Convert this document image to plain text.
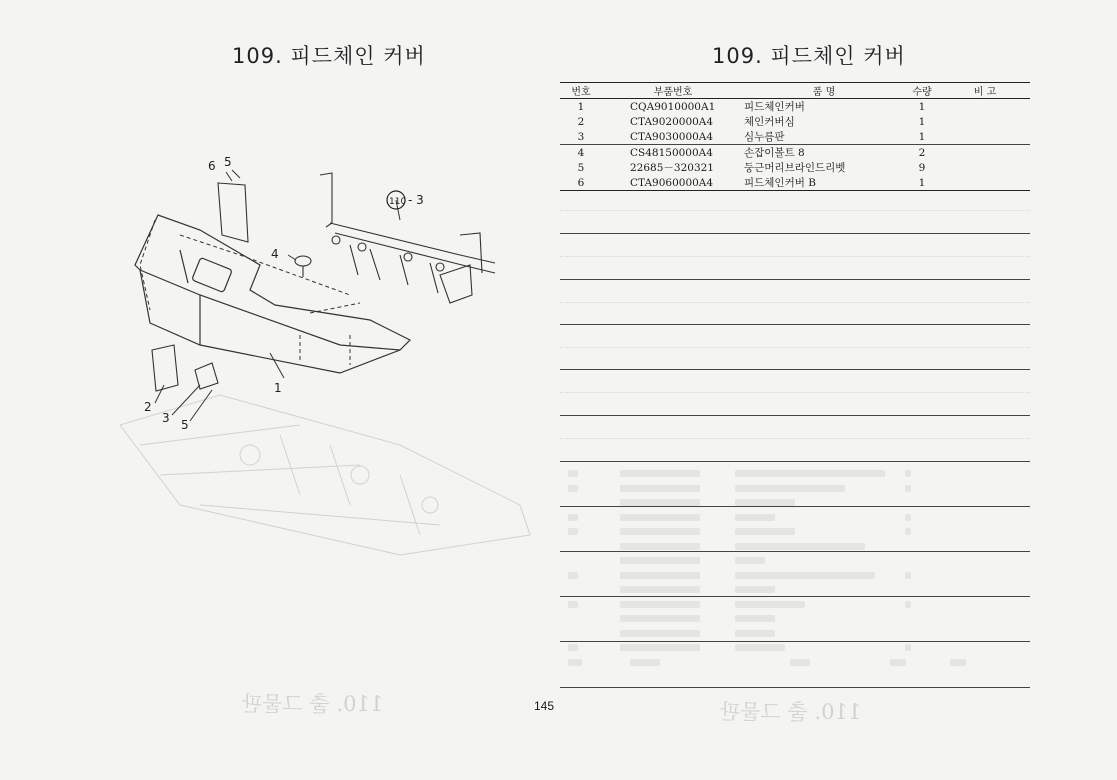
110. 출 그물판	110. 출 그물판
109. 피드체인 커버	109. 피드체인 커버
6 5
4
110 - 3
1
2
3 5
번호	부품번호	품 명	수량	비 고
1	CQA9010000A1	피드체인커버	1	
2	CTA9020000A4	체인커버심	1	
3	CTA9030000A4	심누름판	1	
4	CS48150000A4	손잡이볼트 8	2	
5	22685－320321	둥근머리브라인드리벳	9	
6	CTA9060000A4	피드체인커버 B	1	
145
